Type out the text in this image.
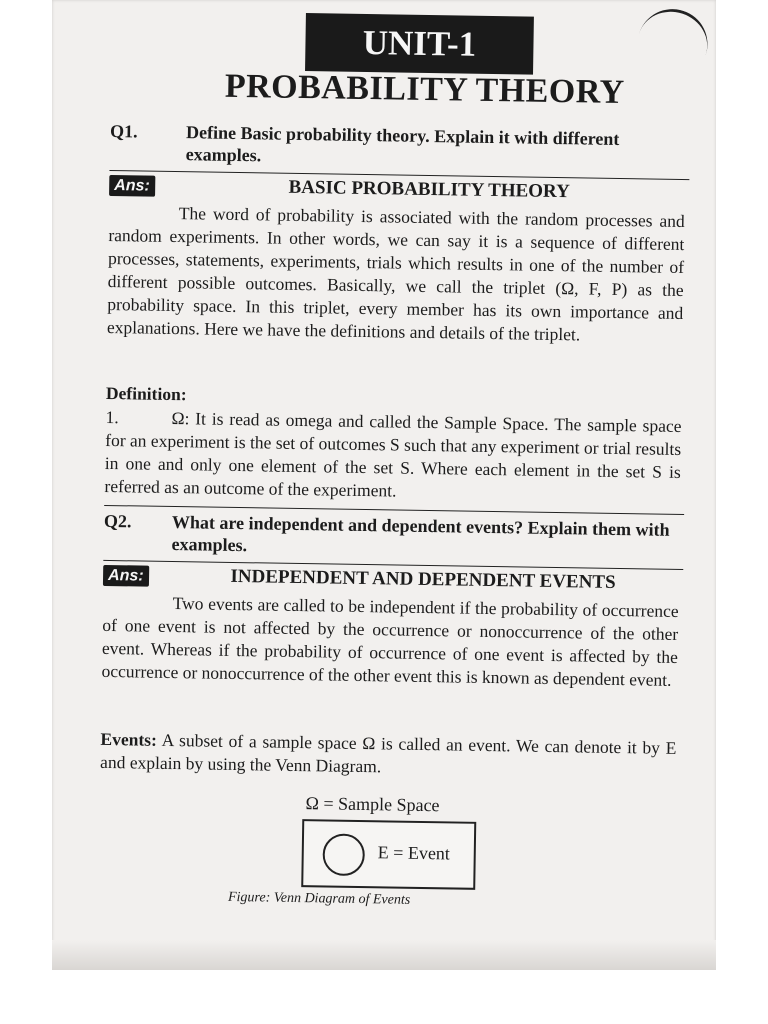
UNIT-1
PROBABILITY THEORY
Q1.	Define Basic probability theory. Explain it with different examples.
Ans:	BASIC PROBABILITY THEORY
The word of probability is associated with the random processes and random experiments. In other words, we can say it is a sequence of different processes, statements, experiments, trials which results in one of the number of different possible outcomes. Basically, we call the triplet (Ω, F, P) as the probability space. In this triplet, every member has its own importance and explanations. Here we have the definitions and details of the triplet.
Definition:
1.	Ω: It is read as omega and called the Sample Space. The sample space for an experiment is the set of outcomes S such that any experiment or trial results in one and only one element of the set S. Where each element in the set S is referred as an outcome of the experiment.
Q2. What are independent and dependent events? Explain them with examples.
Ans:	INDEPENDENT AND DEPENDENT EVENTS
Two events are called to be independent if the probability of occurrence of one event is not affected by the occurrence or nonoccurrence of the other event. Whereas if the probability of occurrence of one event is affected by the occurrence or nonoccurrence of the other event this is known as dependent event.
Events: A subset of a sample space Ω is called an event. We can denote it by E and explain by using the Venn Diagram.
Ω = Sample Space
E = Event
Figure: Venn Diagram of Events
